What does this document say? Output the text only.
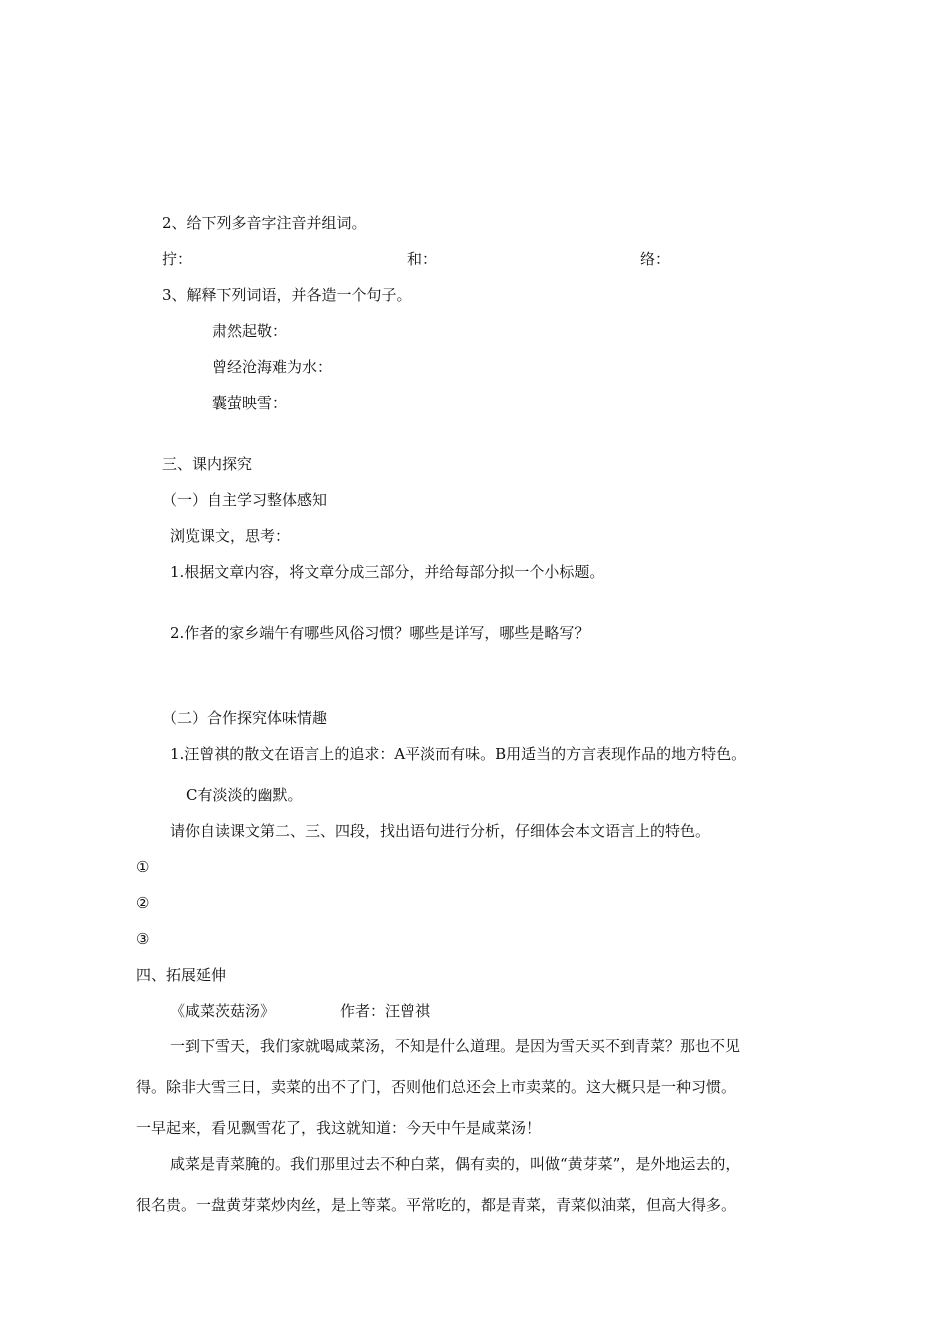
2、给下列多音字注音并组词。
拧：	和：	络：
3、解释下列词语，并各造一个句子。
肃然起敬：
曾经沧海难为水：
囊萤映雪：
三、课内探究
（一）自主学习整体感知
浏览课文，思考：
1.根据文章内容，将文章分成三部分，并给每部分拟一个小标题。
2.作者的家乡端午有哪些风俗习惯？哪些是详写，哪些是略写？
（二）合作探究体味情趣
1.汪曾祺的散文在语言上的追求：A平淡而有味。B用适当的方言表现作品的地方特色。
C有淡淡的幽默。
请你自读课文第二、三、四段，找出语句进行分析，仔细体会本文语言上的特色。
①
②
③
四、拓展延伸
《咸菜茨菇汤》	作者：汪曾祺
一到下雪天，我们家就喝咸菜汤，不知是什么道理。是因为雪天买不到青菜？那也不见
得。除非大雪三日，卖菜的出不了门，否则他们总还会上市卖菜的。这大概只是一种习惯。
一早起来，看见飘雪花了，我这就知道：今天中午是咸菜汤！
咸菜是青菜腌的。我们那里过去不种白菜，偶有卖的，叫做“黄芽菜”，是外地运去的，
很名贵。一盘黄芽菜炒肉丝，是上等菜。平常吃的，都是青菜，青菜似油菜，但高大得多。
